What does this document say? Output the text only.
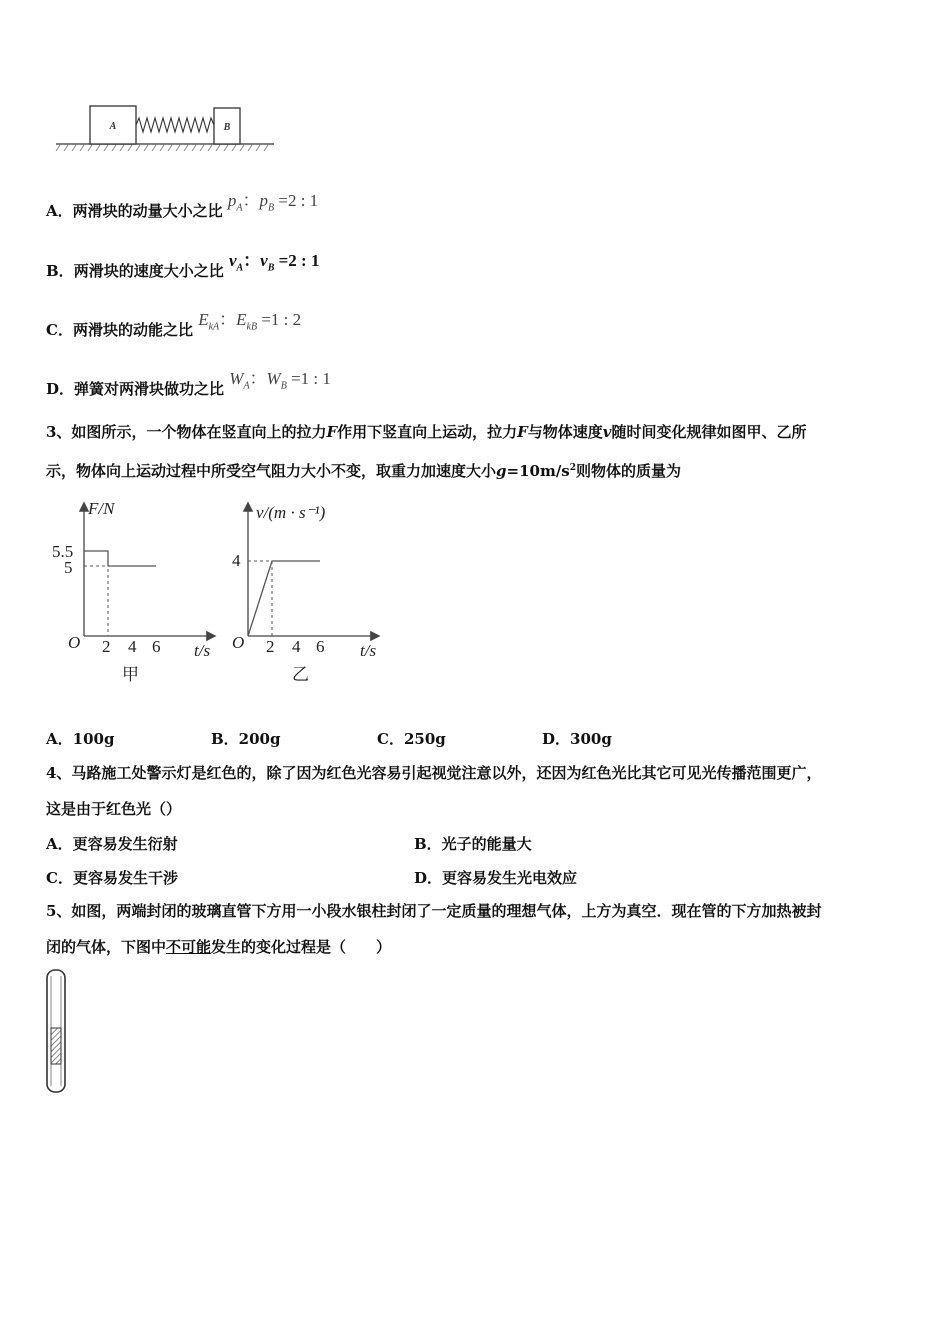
A	B
A．两滑块的动量大小之比 $p_A$：$p_B =2$ : 1
B．两滑块的速度大小之比 $v_A$：$v_B =2$ : 1
C．两滑块的动能之比 $E_{kA}$：$E_{kB} =1$ : 2
D．弹簧对两滑块做功之比 $W_A$：$W_B =1$ : 1
3、如图所示，一个物体在竖直向上的拉力F作用下竖直向上运动，拉力F与物体速度v随时间变化规律如图甲、乙所
示，物体向上运动过程中所受空气阻力大小不变，取重力加速度大小$g=10m/s^2$则物体的质量为
F/N
t/s
O
5.5
5
2 4 6
甲
v/(m · s⁻¹)
t/s
O
4
2 4 6
乙
A．100g	B．200g	C．250g	D．300g
4、马路施工处警示灯是红色的，除了因为红色光容易引起视觉注意以外，还因为红色光比其它可见光传播范围更广，
这是由于红色光（）
A．更容易发生衍射	B．光子的能量大
C．更容易发生干涉	D．更容易发生光电效应
5、如图，两端封闭的玻璃直管下方用一小段水银柱封闭了一定质量的理想气体，上方为真空．现在管的下方加热被封
闭的气体，下图中不可能发生的变化过程是（　　）
